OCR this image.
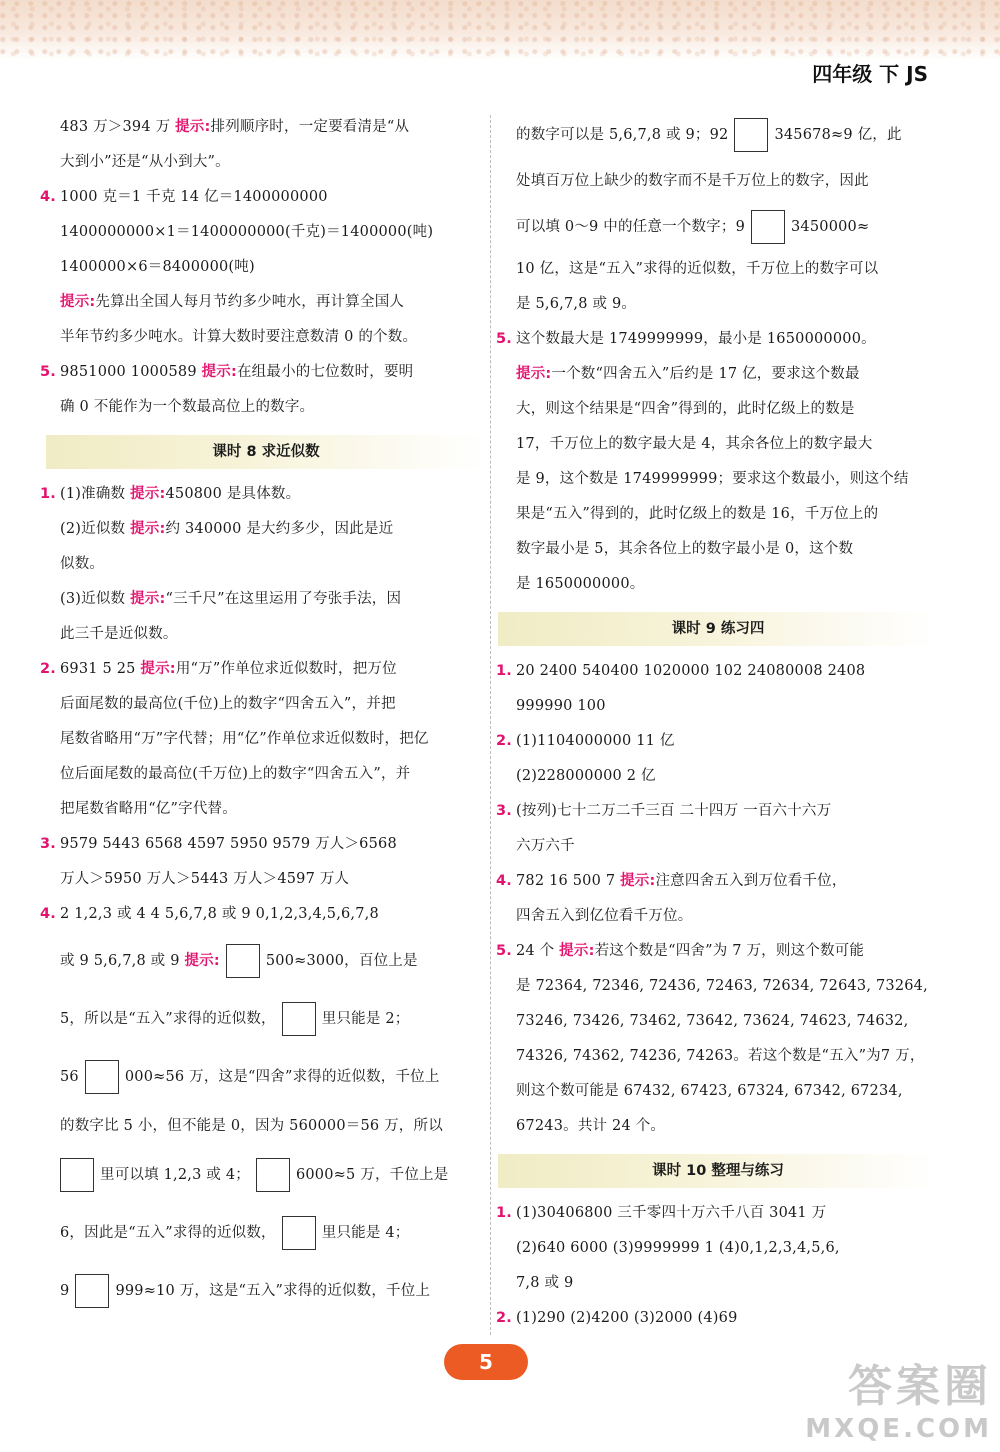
四年级 下 JS
483 万＞394 万 提示:排列顺序时，一定要看清是“从
大到小”还是“从小到大”。
4. 1000 克＝1 千克 14 亿＝1400000000
1400000000×1＝1400000000(千克)＝1400000(吨)
1400000×6＝8400000(吨)
提示:先算出全国人每月节约多少吨水，再计算全国人
半年节约多少吨水。计算大数时要注意数清 0 的个数。
5. 9851000 1000589 提示:在组最小的七位数时，要明
确 0 不能作为一个数最高位上的数字。
课时 8 求近似数
1. (1)准确数 提示:450800 是具体数。
(2)近似数 提示:约 340000 是大约多少，因此是近
似数。
(3)近似数 提示:“三千尺”在这里运用了夸张手法，因
此三千是近似数。
2. 6931 5 25 提示:用“万”作单位求近似数时，把万位
后面尾数的最高位(千位)上的数字“四舍五入”，并把
尾数省略用“万”字代替；用“亿”作单位求近似数时，把亿
位后面尾数的最高位(千万位)上的数字“四舍五入”，并
把尾数省略用“亿”字代替。
3. 9579 5443 6568 4597 5950 9579 万人＞6568
万人＞5950 万人＞5443 万人＞4597 万人
4. 2 1,2,3 或 4 4 5,6,7,8 或 9 0,1,2,3,4,5,6,7,8
或 9 5,6,7,8 或 9 提示:	500≈3000，百位上是
5，所以是“五入”求得的近似数，	里只能是 2；
56	000≈56 万，这是“四舍”求得的近似数，千位上
的数字比 5 小，但不能是 0，因为 560000＝56 万，所以
里可以填 1,2,3 或 4；	6000≈5 万，千位上是
6，因此是“五入”求得的近似数，	里只能是 4；
9	999≈10 万，这是“五入”求得的近似数，千位上
的数字可以是 5,6,7,8 或 9；92	345678≈9 亿，此
处填百万位上缺少的数字而不是千万位上的数字，因此
可以填 0～9 中的任意一个数字；9	3450000≈
10 亿，这是“五入”求得的近似数，千万位上的数字可以
是 5,6,7,8 或 9。
5. 这个数最大是 1749999999，最小是 1650000000。
提示:一个数“四舍五入”后约是 17 亿，要求这个数最
大，则这个结果是“四舍”得到的，此时亿级上的数是
17，千万位上的数字最大是 4，其余各位上的数字最大
是 9，这个数是 1749999999；要求这个数最小，则这个结
果是“五入”得到的，此时亿级上的数是 16，千万位上的
数字最小是 5，其余各位上的数字最小是 0，这个数
是 1650000000。
课时 9 练习四
1. 20 2400 540400 1020000 102 24080008 2408
999990 100
2. (1)1104000000 11 亿
(2)228000000 2 亿
3. (按列)七十二万二千三百 二十四万 一百六十六万
六万六千
4. 782 16 500 7 提示:注意四舍五入到万位看千位，
四舍五入到亿位看千万位。
5. 24 个 提示:若这个数是“四舍”为 7 万，则这个数可能
是 72364, 72346, 72436, 72463, 72634, 72643, 73264,
73246, 73426, 73462, 73642, 73624, 74623, 74632,
74326, 74362, 74236, 74263。若这个数是“五入”为7 万，
则这个数可能是 67432, 67423, 67324, 67342, 67234,
67243。共计 24 个。
课时 10 整理与练习
1. (1)30406800 三千零四十万六千八百 3041 万
(2)640 6000 (3)9999999 1 (4)0,1,2,3,4,5,6,
7,8 或 9
2. (1)290 (2)4200 (3)2000 (4)69
5	答案圈
MXQE.COM
